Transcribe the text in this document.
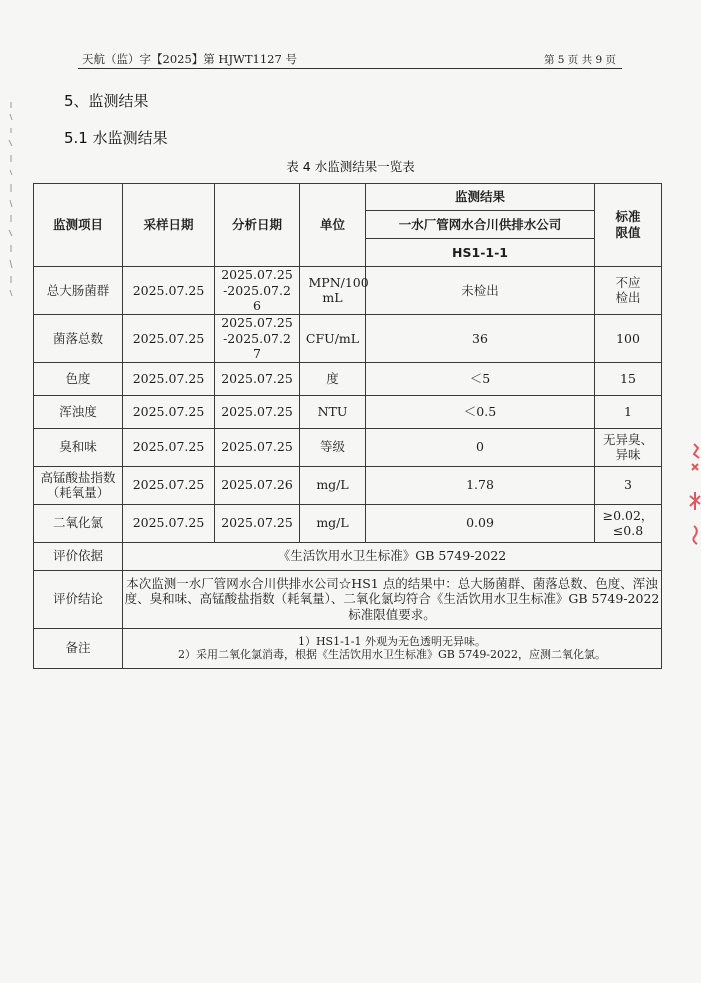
天航（监）字【2025】第 HJWT1127 号	第 5 页 共 9 页
5、监测结果
5.1 水监测结果
表 4 水监测结果一览表
监测项目	采样日期	分析日期	单位	监测结果	标准限值
				一水厂管网水合川供排水公司	
				HS1-1-1	
总大肠菌群	2025.07.25	2025.07.25-2025.07.26	MPN/100 mL	未检出	不应检出
菌落总数	2025.07.25	2025.07.25-2025.07.27	CFU/mL	36	100
色度	2025.07.25	2025.07.25	度	＜5	15
浑浊度	2025.07.25	2025.07.25	NTU	＜0.5	1
臭和味	2025.07.25	2025.07.25	等级	0	无异臭、异味
高锰酸盐指数（耗氧量）	2025.07.25	2025.07.26	mg/L	1.78	3
二氧化氯	2025.07.25	2025.07.25	mg/L	0.09	≥0.02，≤0.8
评价依据	《生活饮用水卫生标准》GB 5749-2022				
评价结论	本次监测一水厂管网水合川供排水公司☆HS1 点的结果中：总大肠菌群、菌落总数、色度、浑浊度、臭和味、高锰酸盐指数（耗氧量）、二氧化氯均符合《生活饮用水卫生标准》GB 5749-2022 标准限值要求。				
备注	1）HS1-1-1 外观为无色透明无异味。
2）采用二氧化氯消毒，根据《生活饮用水卫生标准》GB 5749-2022，应测二氧化氯。				
